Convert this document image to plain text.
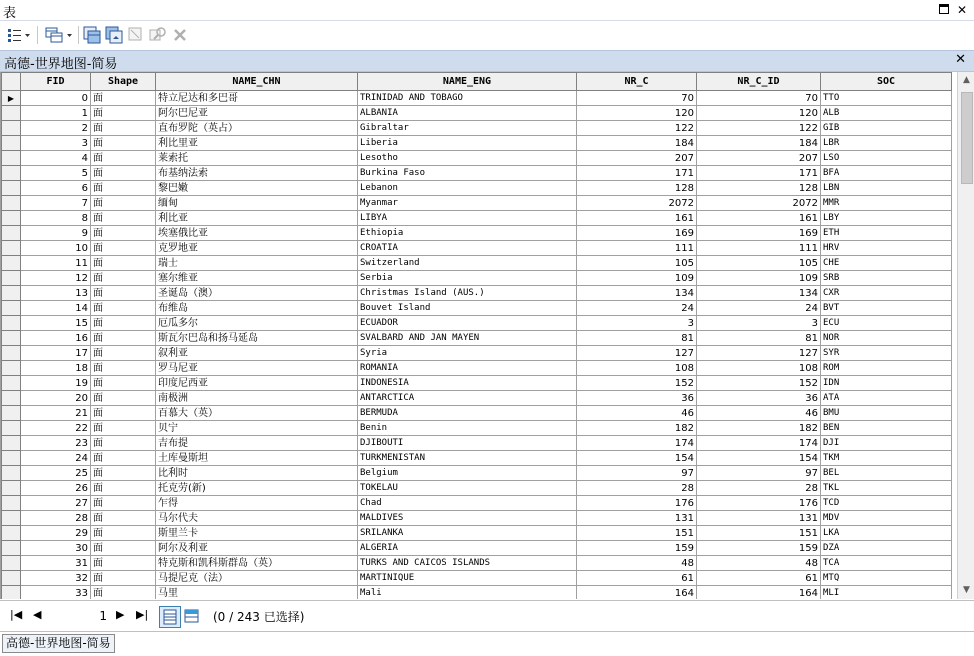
表	✕
高德-世界地图-简易	✕
	FID	Shape	NAME_CHN	NAME_ENG	NR_C	NR_C_ID	SOC
▶	0	面	特立尼达和多巴哥	TRINIDAD AND TOBAGO	70	70	TTO
	1	面	阿尔巴尼亚	ALBANIA	120	120	ALB
	2	面	直布罗陀（英占）	Gibraltar	122	122	GIB
	3	面	利比里亚	Liberia	184	184	LBR
	4	面	莱索托	Lesotho	207	207	LSO
	5	面	布基纳法索	Burkina Faso	171	171	BFA
	6	面	黎巴嫩	Lebanon	128	128	LBN
	7	面	缅甸	Myanmar	2072	2072	MMR
	8	面	利比亚	LIBYA	161	161	LBY
	9	面	埃塞俄比亚	Ethiopia	169	169	ETH
	10	面	克罗地亚	CROATIA	111	111	HRV
	11	面	瑞士	Switzerland	105	105	CHE
	12	面	塞尔维亚	Serbia	109	109	SRB
	13	面	圣诞岛（澳）	Christmas Island (AUS.)	134	134	CXR
	14	面	布维岛	Bouvet Island	24	24	BVT
	15	面	厄瓜多尔	ECUADOR	3	3	ECU
	16	面	斯瓦尔巴岛和扬马延岛	SVALBARD AND JAN MAYEN	81	81	NOR
	17	面	叙利亚	Syria	127	127	SYR
	18	面	罗马尼亚	ROMANIA	108	108	ROM
	19	面	印度尼西亚	INDONESIA	152	152	IDN
	20	面	南极洲	ANTARCTICA	36	36	ATA
	21	面	百慕大（英）	BERMUDA	46	46	BMU
	22	面	贝宁	Benin	182	182	BEN
	23	面	吉布提	DJIBOUTI	174	174	DJI
	24	面	土库曼斯坦	TURKMENISTAN	154	154	TKM
	25	面	比利时	Belgium	97	97	BEL
	26	面	托克劳(新)	TOKELAU	28	28	TKL
	27	面	乍得	Chad	176	176	TCD
	28	面	马尔代夫	MALDIVES	131	131	MDV
	29	面	斯里兰卡	SRILANKA	151	151	LKA
	30	面	阿尔及利亚	ALGERIA	159	159	DZA
	31	面	特克斯和凯科斯群岛（英）	TURKS AND CAICOS ISLANDS	48	48	TCA
	32	面	马提尼克（法）	MARTINIQUE	61	61	MTQ
	33	面	马里	Mali	164	164	MLI
▲
▼
|◀ ◀	1 ▶ ▶|	(0 / 243 已选择)
高德-世界地图-简易
